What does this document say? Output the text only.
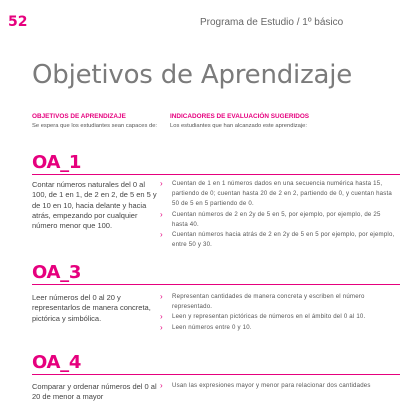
52	Programa de Estudio / 1º básico
Objetivos de Aprendizaje
OBJETIVOS DE APRENDIZAJE	INDICADORES DE EVALUACIÓN SUGERIDOS
Se espera que los estudiantes sean capaces de: Los estudiantes que han alcanzado este aprendizaje:
OA_1
Contar números naturales del 0 al 100, de 1 en 1, de 2 en 2, de 5 en 5 y de 10 en 10, hacia delante y hacia atrás, empezando por cualquier número menor que 100.
› Cuentan de 1 en 1 números dados en una secuencia numérica hasta 15, partiendo de 0; cuentan hasta 20 de 2 en 2, partiendo de 0, y cuentan hasta 50 de 5 en 5 partiendo de 0.
› Cuentan números de 2 en 2y de 5 en 5, por ejemplo, por ejemplo, de 25 hasta 40.
› Cuentan números hacia atrás de 2 en 2y de 5 en 5 por ejemplo, por ejemplo, entre 50 y 30.
OA_3
Leer números del 0 al 20 y representarlos de manera concreta, pictórica y simbólica.
› Representan cantidades de manera concreta y escriben el número representado.
› Leen y representan pictóricas de números en el ámbito del 0 al 10.
› Leen números entre 0 y 10.
OA_4
Comparar y ordenar números del 0 al 20 de menor a mayor
› Usan las expresiones mayor y menor para relacionar dos cantidades
